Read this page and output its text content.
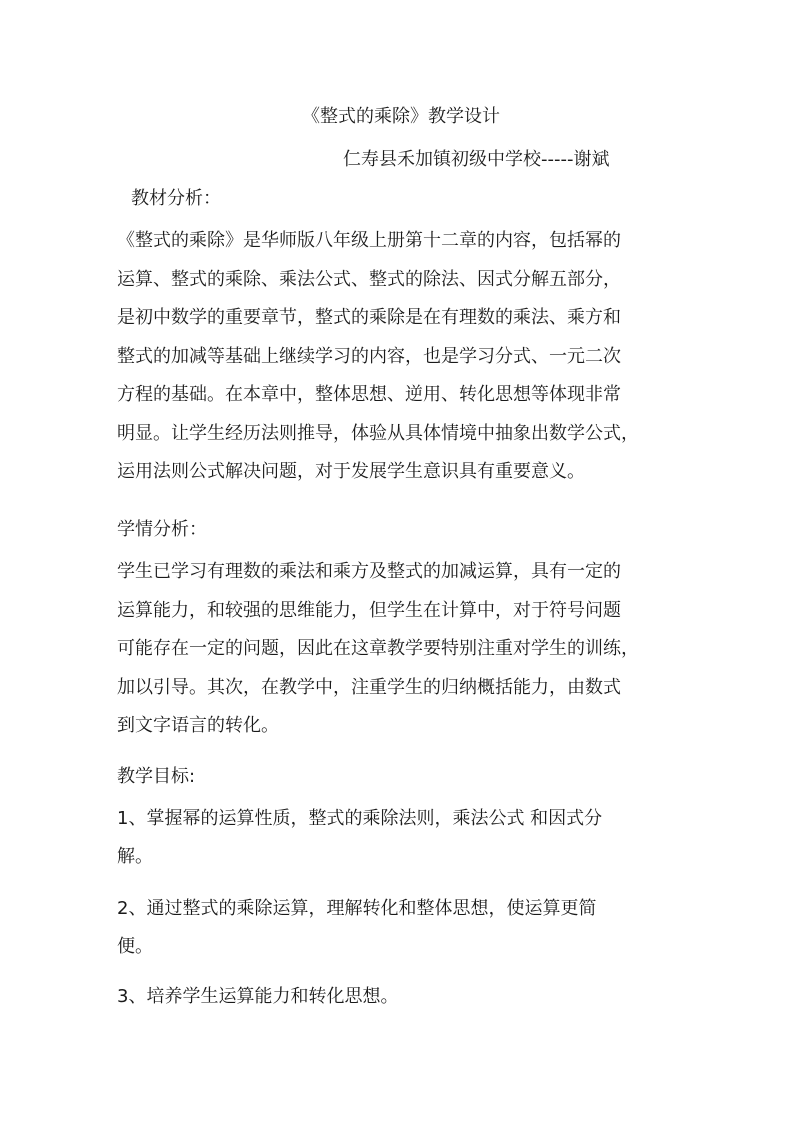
《整式的乘除》教学设计
仁寿县禾加镇初级中学校-----谢斌
教材分析：
《整式的乘除》是华师版八年级上册第十二章的内容，包括幂的
运算、整式的乘除、乘法公式、整式的除法、因式分解五部分，
是初中数学的重要章节，整式的乘除是在有理数的乘法、乘方和
整式的加减等基础上继续学习的内容，也是学习分式、一元二次
方程的基础。在本章中，整体思想、逆用、转化思想等体现非常
明显。让学生经历法则推导，体验从具体情境中抽象出数学公式，
运用法则公式解决问题，对于发展学生意识具有重要意义。
学情分析：
学生已学习有理数的乘法和乘方及整式的加减运算，具有一定的
运算能力，和较强的思维能力，但学生在计算中，对于符号问题
可能存在一定的问题，因此在这章教学要特别注重对学生的训练，
加以引导。其次，在教学中，注重学生的归纳概括能力，由数式
到文字语言的转化。
教学目标:
1、掌握幂的运算性质，整式的乘除法则，乘法公式 和因式分
解。
2、通过整式的乘除运算，理解转化和整体思想，使运算更简
便。
3、培养学生运算能力和转化思想。
